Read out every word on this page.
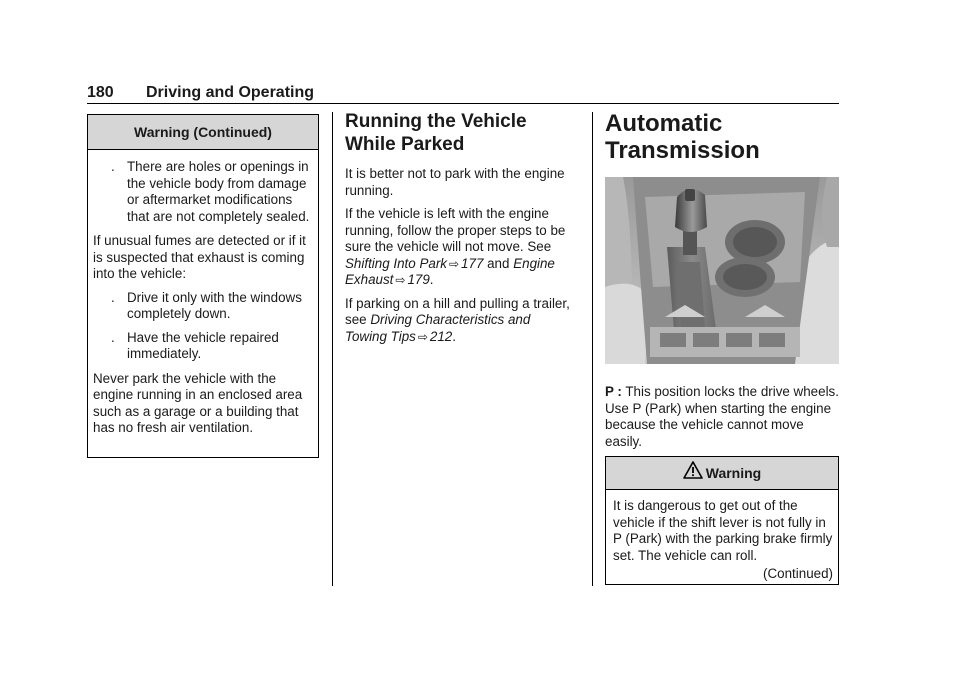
180 Driving and Operating
Warning (Continued)
. There are holes or openings in the vehicle body from damage or aftermarket modifications that are not completely sealed.

If unusual fumes are detected or if it is suspected that exhaust is coming into the vehicle:

. Drive it only with the windows completely down.
. Have the vehicle repaired immediately.

Never park the vehicle with the engine running in an enclosed area such as a garage or a building that has no fresh air ventilation.

Running the Vehicle While Parked

It is better not to park with the engine running.

If the vehicle is left with the engine running, follow the proper steps to be sure the vehicle will not move. See Shifting Into Park ⇨ 177 and Engine Exhaust ⇨ 179.

If parking on a hill and pulling a trailer, see Driving Characteristics and Towing Tips ⇨ 212.

Automatic
Transmission

P : This position locks the drive wheels. Use P (Park) when starting the engine because the vehicle cannot move easily.

Warning

It is dangerous to get out of the vehicle if the shift lever is not fully in P (Park) with the parking brake firmly set. The vehicle can roll.

(Continued)
